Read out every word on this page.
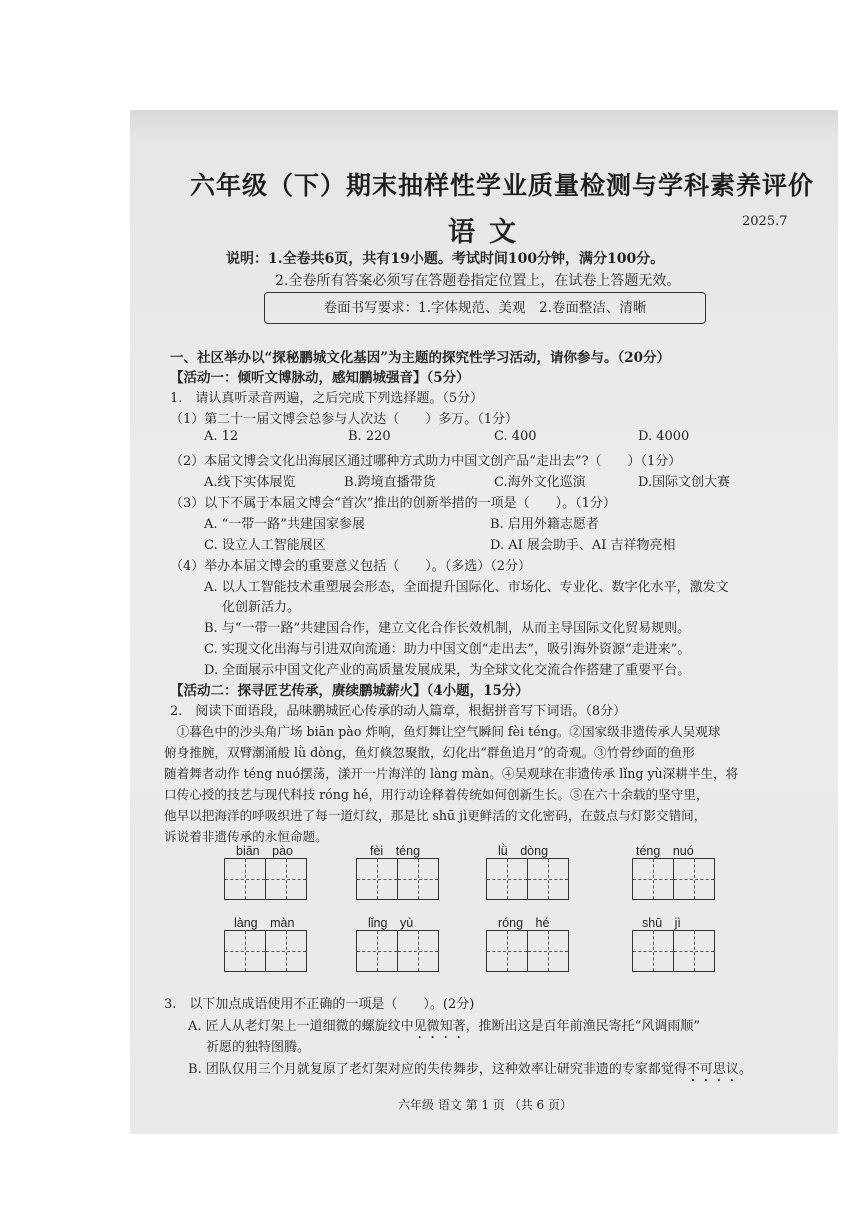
六年级（下）期末抽样性学业质量检测与学科素养评价
语文	2025.7
说明：1.全卷共6页，共有19小题。考试时间100分钟，满分100分。
2.全卷所有答案必须写在答题卷指定位置上，在试卷上答题无效。
卷面书写要求：1.字体规范、美观　2.卷面整洁、清晰
一、社区举办以“探秘鹏城文化基因”为主题的探究性学习活动，请你参与。（20分）
【活动一：倾听文博脉动，感知鹏城强音】（5分）
1.　请认真听录音两遍，之后完成下列选择题。（5分）
（1）第二十一届文博会总参与人次达（　　）多万。（1分）
A. 12	B. 220	C. 400	D. 4000
（2）本届文博会文化出海展区通过哪种方式助力中国文创产品“走出去”?（　　）（1分）
A.线下实体展览	B.跨境直播带货	C.海外文化巡演	D.国际文创大赛
（3）以下不属于本届文博会“首次”推出的创新举措的一项是（　　）。（1分）
A. “一带一路”共建国家参展	B. 启用外籍志愿者
C. 设立人工智能展区	D. AI 展会助手、AI 吉祥物亮相
（4）举办本届文博会的重要意义包括（　　）。（多选）（2分）
A. 以人工智能技术重塑展会形态，全面提升国际化、市场化、专业化、数字化水平，激发文
化创新活力。
B. 与“一带一路”共建国合作，建立文化合作长效机制，从而主导国际文化贸易规则。
C. 实现文化出海与引进双向流通：助力中国文创“走出去”，吸引海外资源“走进来”。
D. 全面展示中国文化产业的高质量发展成果，为全球文化交流合作搭建了重要平台。
【活动二：探寻匠艺传承，赓续鹏城薪火】（4小题，15分）
2.　阅读下面语段，品味鹏城匠心传承的动人篇章，根据拼音写下词语。（8分）
　①暮色中的沙头角广场 biān pào 炸响，鱼灯舞让空气瞬间 fèi téng。②国家级非遗传承人吴观球
俯身推腕，双臂潮涌般 lǜ dòng，鱼灯倏忽聚散，幻化出“群鱼追月”的奇观。③竹骨纱面的鱼形
随着舞者动作 téng nuó摆荡，漾开一片海洋的 làng màn。④吴观球在非遗传承 lǐng yù深耕半生，将
口传心授的技艺与现代科技 róng hé，用行动诠释着传统如何创新生长。⑤在六十余载的坚守里，
他早以把海洋的呼吸织进了每一道灯纹，那是比 shū jì更鲜活的文化密码，在鼓点与灯影交错间，
诉说着非遗传承的永恒命题。
biān　pào	fèi　téng	lǜ　dòng	téng　nuó
làng　màn	lǐng　yù	róng　hé	shū　jì
3.　以下加点成语使用不正确的一项是（　　）。(2分)
A. 匠人从老灯架上一道细微的螺旋纹中见微知著，推断出这是百年前渔民寄托“风调雨顺”
祈愿的独特图腾。
B. 团队仅用三个月就复原了老灯架对应的失传舞步，这种效率让研究非遗的专家都觉得不可思议。
六年级 语文 第 1 页 （共 6 页）
